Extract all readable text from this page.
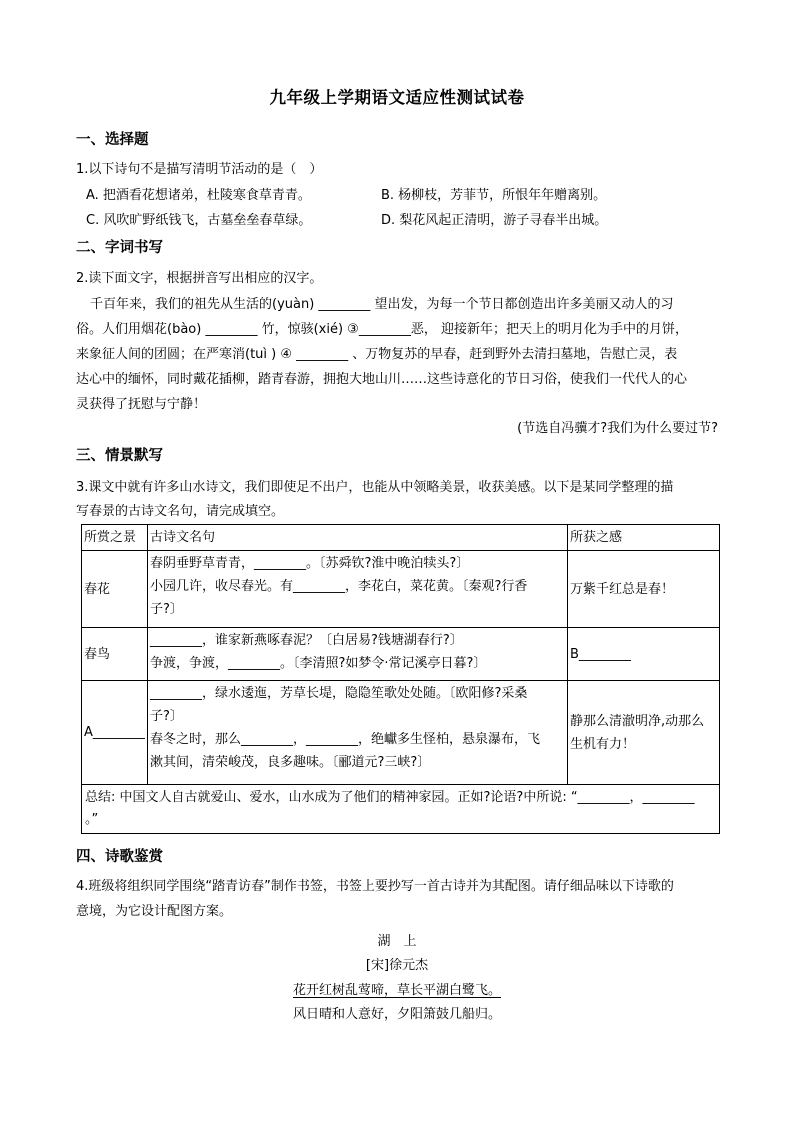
九年级上学期语文适应性测试试卷
一、选择题
1.以下诗句不是描写清明节活动的是（　）
A. 把酒看花想诸弟，杜陵寒食草青青。	B. 杨柳枝，芳菲节，所恨年年赠离别。
C. 风吹旷野纸钱飞，古墓垒垒春草绿。	D. 梨花风起正清明，游子寻春半出城。
二、字词书写
2.读下面文字，根据拼音写出相应的汉字。
千百年来，我们的祖先从生活的(yuàn) ________ 望出发，为每一个节日都创造出许多美丽又动人的习
俗。人们用烟花(bào) ________ 竹，惊骇(xié) ③________恶， 迎接新年；把天上的明月化为手中的月饼，
来象征人间的团圆；在严寒消(tuì ) ④ ________ 、万物复苏的早春，赶到野外去清扫墓地，告慰亡灵，表
达心中的缅怀，同时戴花插柳，踏青春游，拥抱大地山川……这些诗意化的节日习俗，使我们一代代人的心
灵获得了抚慰与宁静！
(节选自冯骥才?我们为什么要过节?
三、情景默写
3.课文中就有许多山水诗文，我们即使足不出户，也能从中领略美景，收获美感。以下是某同学整理的描
写春景的古诗文名句，请完成填空。
所赏之景	古诗文名句	所获之感
春花	春阴垂野草青青，________。〔苏舜钦?淮中晚泊犊头?〕
小园几许，收尽春光。有________，李花白，菜花黄。〔秦观?行香
子?〕	万紫千红总是春！
春鸟	________，谁家新燕啄春泥？〔白居易?钱塘湖春行?〕
争渡，争渡，________。〔李清照?如梦令·常记溪亭日暮?〕	B________
A________	________，绿水逶迤，芳草长堤，隐隐笙歌处处随。〔欧阳修?采桑
子?〕
春冬之时，那么________，________，绝巘多生怪柏，悬泉瀑布，飞
漱其间，清荣峻茂，良多趣味。〔郦道元?三峡?〕	静那么清澈明净,动那么
生机有力！

总结: 中国文人自古就爱山、爱水，山水成为了他们的精神家园。正如?论语?中所说: “________，________
。”		
四、诗歌鉴赏
4.班级将组织同学围绕“踏青访春”制作书签，书签上要抄写一首古诗并为其配图。请仔细品味以下诗歌的
意境，为它设计配图方案。
湖　上
[宋]徐元杰
花开红树乱莺啼，草长平湖白鹭飞。
风日晴和人意好，夕阳箫鼓几船归。
